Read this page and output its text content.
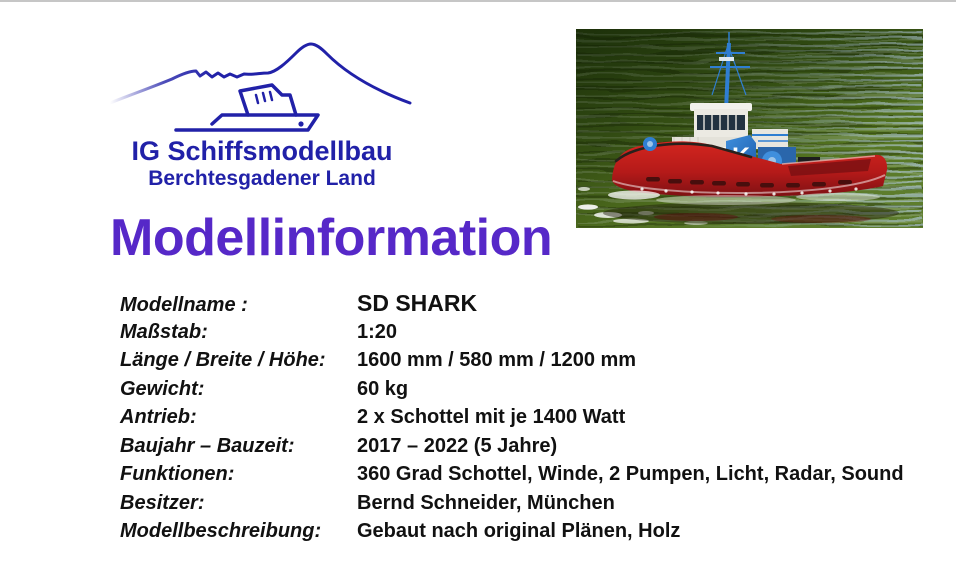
IG Schiffsmodellbau
Berchtesgadener Land
Modellinformation
Modellname :	SD SHARK
Maßstab:	1:20
Länge / Breite / Höhe:	1600 mm / 580 mm / 1200 mm
Gewicht:	60 kg
Antrieb:	2 x Schottel mit je 1400 Watt
Baujahr – Bauzeit:	2017 – 2022 (5 Jahre)
Funktionen:	360 Grad Schottel, Winde, 2 Pumpen, Licht, Radar, Sound
Besitzer:	Bernd Schneider, München
Modellbeschreibung:	Gebaut nach original Plänen, Holz
